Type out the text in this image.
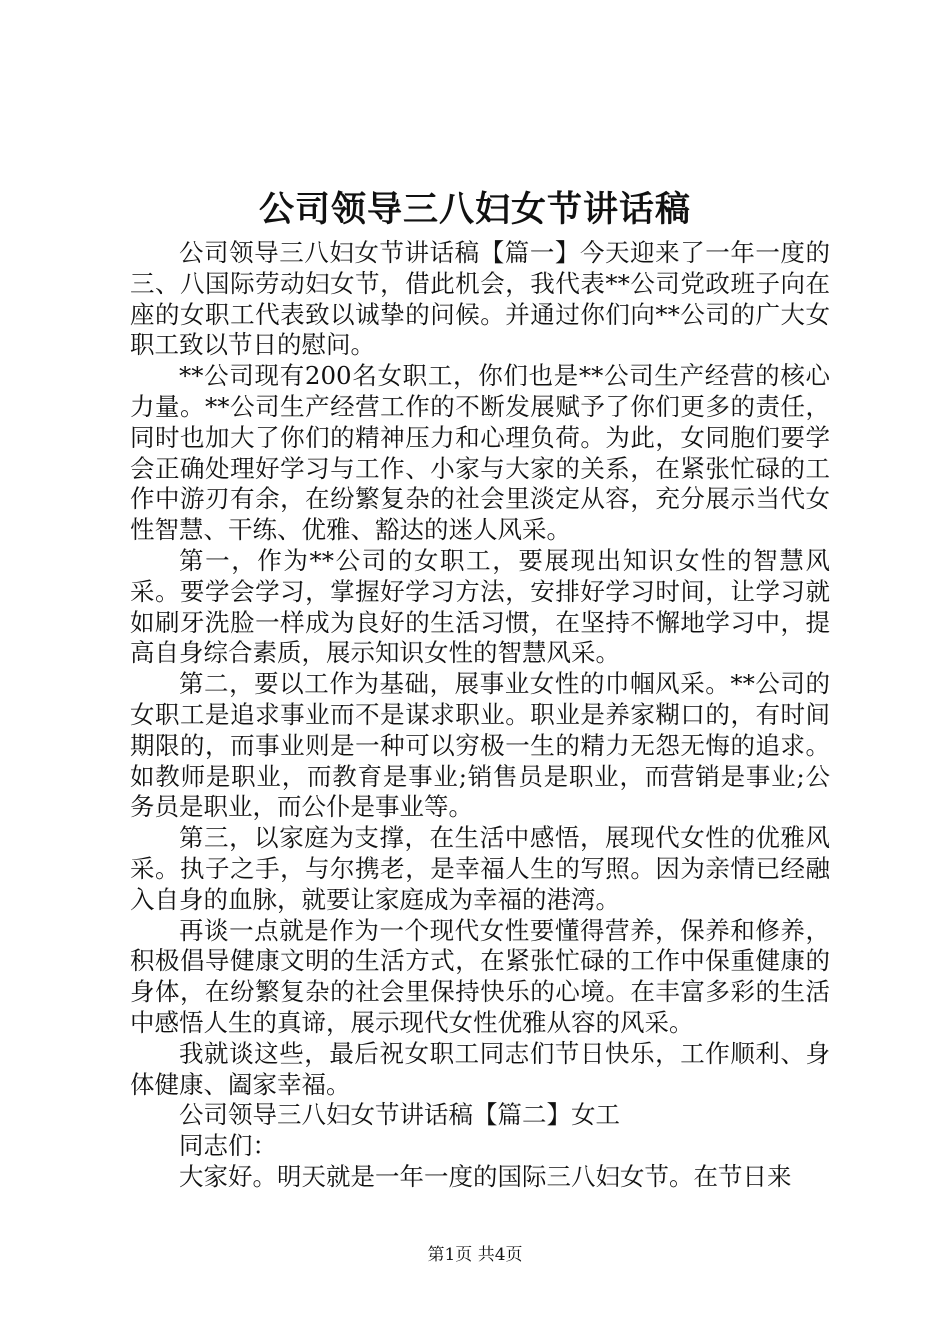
公司领导三八妇女节讲话稿

公司领导三八妇女节讲话稿【篇一】今天迎来了一年一度的三、八国际劳动妇女节，借此机会，我代表**公司党政班子向在座的女职工代表致以诚挚的问候。并通过你们向**公司的广大女职工致以节日的慰问。

**公司现有200名女职工，你们也是**公司生产经营的核心力量。**公司生产经营工作的不断发展赋予了你们更多的责任，同时也加大了你们的精神压力和心理负荷。为此，女同胞们要学会正确处理好学习与工作、小家与大家的关系，在紧张忙碌的工作中游刃有余，在纷繁复杂的社会里淡定从容，充分展示当代女性智慧、干练、优雅、豁达的迷人风采。

第一，作为**公司的女职工，要展现出知识女性的智慧风采。要学会学习，掌握好学习方法，安排好学习时间，让学习就如刷牙洗脸一样成为良好的生活习惯，在坚持不懈地学习中，提高自身综合素质，展示知识女性的智慧风采。

第二，要以工作为基础，展事业女性的巾帼风采。**公司的女职工是追求事业而不是谋求职业。职业是养家糊口的，有时间期限的，而事业则是一种可以穷极一生的精力无怨无悔的追求。如教师是职业，而教育是事业;销售员是职业，而营销是事业;公务员是职业，而公仆是事业等。

第三，以家庭为支撑，在生活中感悟，展现代女性的优雅风采。执子之手，与尔携老，是幸福人生的写照。因为亲情已经融入自身的血脉，就要让家庭成为幸福的港湾。

再谈一点就是作为一个现代女性要懂得营养，保养和修养，积极倡导健康文明的生活方式，在紧张忙碌的工作中保重健康的身体，在纷繁复杂的社会里保持快乐的心境。在丰富多彩的生活中感悟人生的真谛，展示现代女性优雅从容的风采。

我就谈这些，最后祝女职工同志们节日快乐，工作顺利、身体健康、阖家幸福。

公司领导三八妇女节讲话稿【篇二】女工

同志们：

大家好。明天就是一年一度的国际三八妇女节。在节日来

第1页 共4页
